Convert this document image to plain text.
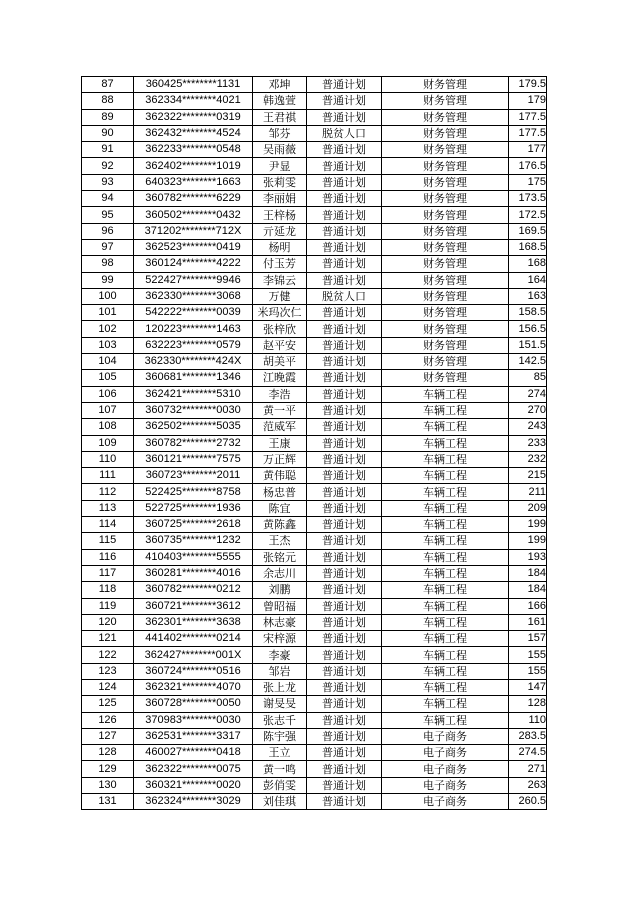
87	360425********1131	邓坤	普通计划	财务管理	179.5
88	362334********4021	韩逸萱	普通计划	财务管理	179
89	362322********0319	王君祺	普通计划	财务管理	177.5
90	362432********4524	邹芬	脱贫人口	财务管理	177.5
91	362233********0548	吴雨薇	普通计划	财务管理	177
92	362402********1019	尹显	普通计划	财务管理	176.5
93	640323********1663	张莉雯	普通计划	财务管理	175
94	360782********6229	李丽娟	普通计划	财务管理	173.5
95	360502********0432	王梓杨	普通计划	财务管理	172.5
96	371202********712X	亓延龙	普通计划	财务管理	169.5
97	362523********0419	杨明	普通计划	财务管理	168.5
98	360124********4222	付玉芳	普通计划	财务管理	168
99	522427********9946	李锦云	普通计划	财务管理	164
100	362330********3068	万健	脱贫人口	财务管理	163
101	542222********0039	米玛次仁	普通计划	财务管理	158.5
102	120223********1463	张梓欣	普通计划	财务管理	156.5
103	632223********0579	赵平安	普通计划	财务管理	151.5
104	362330********424X	胡美平	普通计划	财务管理	142.5
105	360681********1346	江晚霞	普通计划	财务管理	85
106	362421********5310	李浩	普通计划	车辆工程	274
107	360732********0030	黄一平	普通计划	车辆工程	270
108	362502********5035	范威军	普通计划	车辆工程	243
109	360782********2732	王康	普通计划	车辆工程	233
110	360121********7575	万正辉	普通计划	车辆工程	232
111	360723********2011	黄伟聪	普通计划	车辆工程	215
112	522425********8758	杨忠普	普通计划	车辆工程	211
113	522725********1936	陈宜	普通计划	车辆工程	209
114	360725********2618	黄陈鑫	普通计划	车辆工程	199
115	360735********1232	王杰	普通计划	车辆工程	199
116	410403********5555	张铭元	普通计划	车辆工程	193
117	360281********4016	余志川	普通计划	车辆工程	184
118	360782********0212	刘鹏	普通计划	车辆工程	184
119	360721********3612	曾昭福	普通计划	车辆工程	166
120	362301********3638	林志豪	普通计划	车辆工程	161
121	441402********0214	宋梓源	普通计划	车辆工程	157
122	362427********001X	李豪	普通计划	车辆工程	155
123	360724********0516	邹岩	普通计划	车辆工程	155
124	362321********4070	张上龙	普通计划	车辆工程	147
125	360728********0050	谢旻旻	普通计划	车辆工程	128
126	370983********0030	张志千	普通计划	车辆工程	110
127	362531********3317	陈宇强	普通计划	电子商务	283.5
128	460027********0418	王立	普通计划	电子商务	274.5
129	362322********0075	黄一鸣	普通计划	电子商务	271
130	360321********0020	彭俏雯	普通计划	电子商务	263
131	362324********3029	刘佳琪	普通计划	电子商务	260.5
